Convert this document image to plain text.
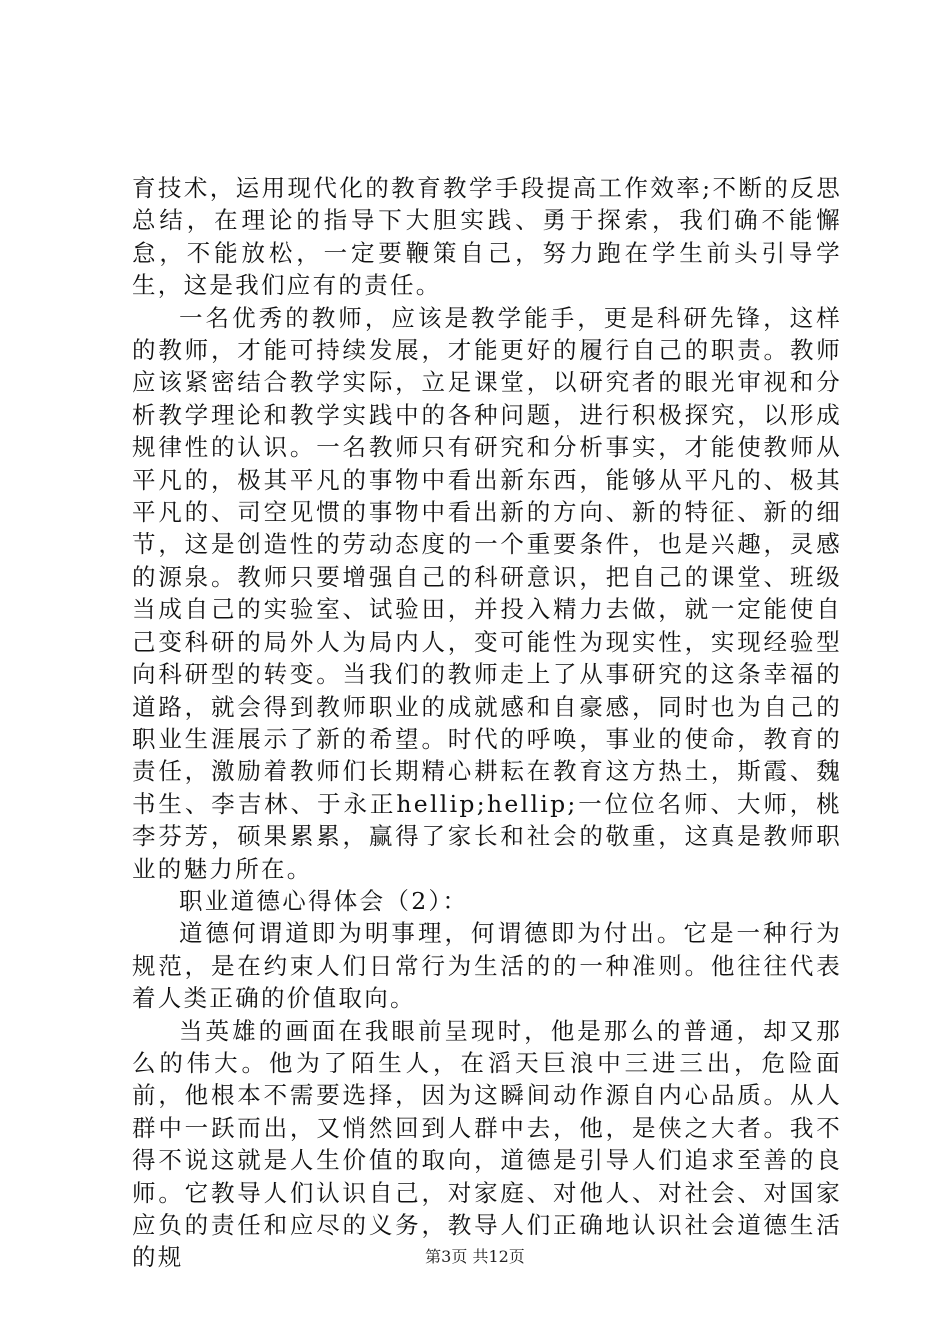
育技术，运用现代化的教育教学手段提高工作效率;不断的反思总结，在理论的指导下大胆实践、勇于探索，我们确不能懈怠，不能放松，一定要鞭策自己，努力跑在学生前头引导学生，这是我们应有的责任。

一名优秀的教师，应该是教学能手，更是科研先锋，这样的教师，才能可持续发展，才能更好的履行自己的职责。教师应该紧密结合教学实际，立足课堂，以研究者的眼光审视和分析教学理论和教学实践中的各种问题，进行积极探究，以形成规律性的认识。一名教师只有研究和分析事实，才能使教师从平凡的，极其平凡的事物中看出新东西，能够从平凡的、极其平凡的、司空见惯的事物中看出新的方向、新的特征、新的细节，这是创造性的劳动态度的一个重要条件，也是兴趣，灵感的源泉。教师只要增强自己的科研意识，把自己的课堂、班级当成自己的实验室、试验田，并投入精力去做，就一定能使自己变科研的局外人为局内人，变可能性为现实性，实现经验型向科研型的转变。当我们的教师走上了从事研究的这条幸福的道路，就会得到教师职业的成就感和自豪感，同时也为自己的职业生涯展示了新的希望。时代的呼唤，事业的使命，教育的责任，激励着教师们长期精心耕耘在教育这方热土，斯霞、魏书生、李吉林、于永正hellip;hellip;一位位名师、大师，桃李芬芳，硕果累累，赢得了家长和社会的敬重，这真是教师职业的魅力所在。

职业道德心得体会（2）：

道德何谓道即为明事理，何谓德即为付出。它是一种行为规范，是在约束人们日常行为生活的的一种准则。他往往代表着人类正确的价值取向。

当英雄的画面在我眼前呈现时，他是那么的普通，却又那么的伟大。他为了陌生人，在滔天巨浪中三进三出，危险面前，他根本不需要选择，因为这瞬间动作源自内心品质。从人群中一跃而出，又悄然回到人群中去，他，是侠之大者。我不得不说这就是人生价值的取向，道德是引导人们追求至善的良师。它教导人们认识自己，对家庭、对他人、对社会、对国家应负的责任和应尽的义务，教导人们正确地认识社会道德生活的规	第3页 共12页
